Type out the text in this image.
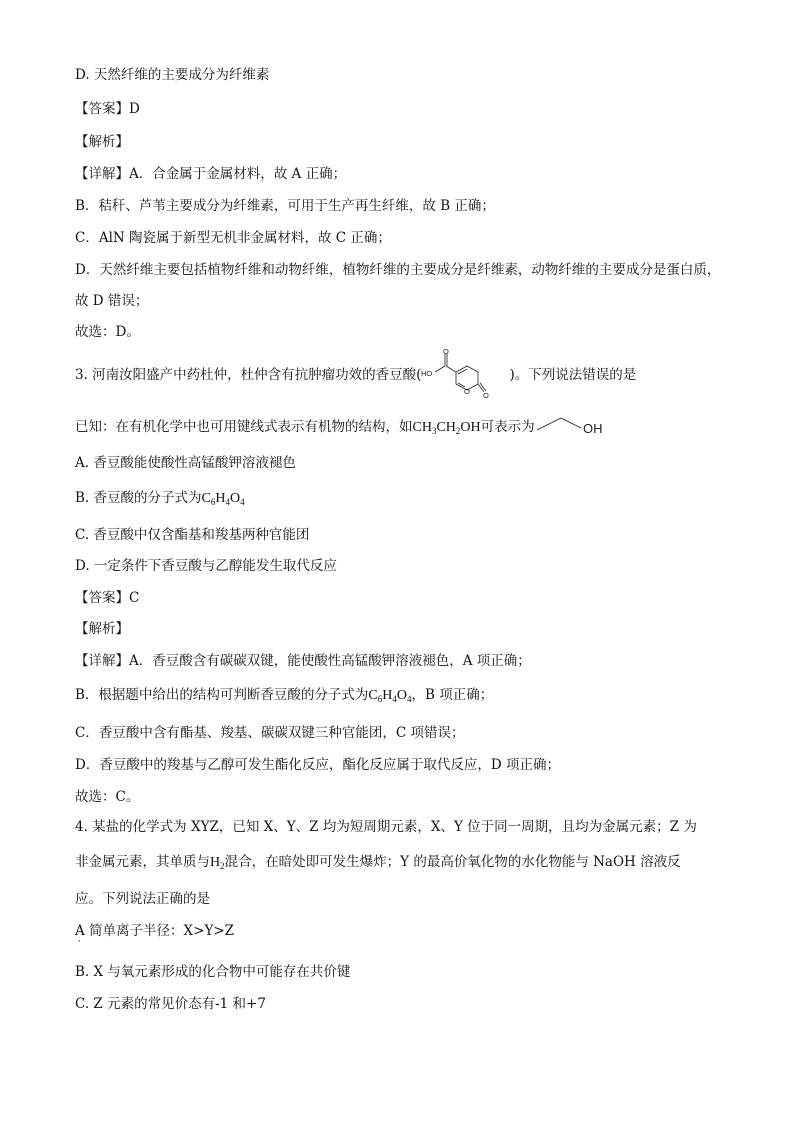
D. 天然纤维的主要成分为纤维素
【答案】D
【解析】
【详解】A．合金属于金属材料，故 A 正确；
B．秸秆、芦苇主要成分为纤维素，可用于生产再生纤维，故 B 正确；
C．AlN 陶瓷属于新型无机非金属材料，故 C 正确；
D．天然纤维主要包括植物纤维和动物纤维，植物纤维的主要成分是纤维素，动物纤维的主要成分是蛋白质，
故 D 错误；
故选：D。
3. 河南汝阳盛产中药杜仲，杜仲含有抗肿瘤功效的香豆酸( HO
O
O O
)。下列说法错误的是
已知：在有机化学中也可用键线式表示有机物的结构，如$CH_3CH_2OH$可表示为	OH
A. 香豆酸能使酸性高锰酸钾溶液褪色
B. 香豆酸的分子式为$C_6H_4O_4$
C. 香豆酸中仅含酯基和羧基两种官能团
D. 一定条件下香豆酸与乙醇能发生取代反应
【答案】C
【解析】
【详解】A．香豆酸含有碳碳双键，能使酸性高锰酸钾溶液褪色，A 项正确；
B．根据题中给出的结构可判断香豆酸的分子式为$C_6H_4O_4$，B 项正确；
C．香豆酸中含有酯基、羧基、碳碳双键三种官能团，C 项错误；
D．香豆酸中的羧基与乙醇可发生酯化反应，酯化反应属于取代反应，D 项正确；
故选：C。
4. 某盐的化学式为 XYZ，已知 X、Y、Z 均为短周期元素，X、Y 位于同一周期，且均为金属元素；Z 为
非金属元素，其单质与$H_2$混合，在暗处即可发生爆炸；Y 的最高价氧化物的水化物能与 NaOH 溶液反
应。下列说法正确的是
A 简单离子半径：X>Y>Z
·
B. X 与氧元素形成的化合物中可能存在共价键
C. Z 元素的常见价态有-1 和+7
